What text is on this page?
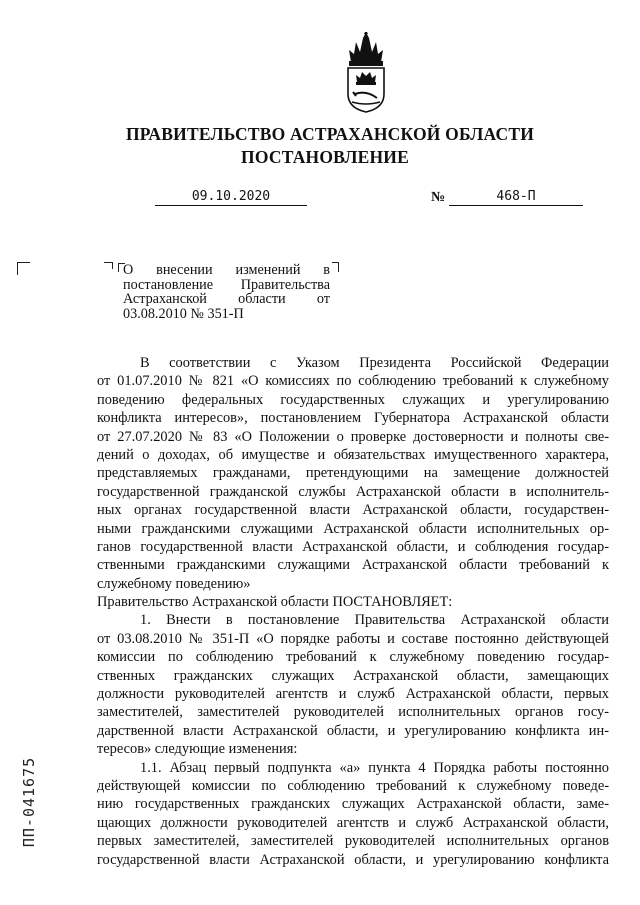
ПРАВИТЕЛЬСТВО АСТРАХАНСКОЙ ОБЛАСТИ
ПОСТАНОВЛЕНИЕ
09.10.2020	№	468-П
О внесении изменений в
постановление Правительства
Астраханской области от
03.08.2010 № 351-П
В соответствии с Указом Президента Российской Федерации
от 01.07.2010 № 821 «О комиссиях по соблюдению требований к служебному
поведению федеральных государственных служащих и урегулированию
конфликта интересов», постановлением Губернатора Астраханской области
от 27.07.2020 № 83 «О Положении о проверке достоверности и полноты све-
дений о доходах, об имуществе и обязательствах имущественного характера,
представляемых гражданами, претендующими на замещение должностей
государственной гражданской службы Астраханской области в исполнитель-
ных органах государственной власти Астраханской области, государствен-
ными гражданскими служащими Астраханской области исполнительных ор-
ганов государственной власти Астраханской области, и соблюдения государ-
ственными гражданскими служащими Астраханской области требований к
служебному поведению»
Правительство Астраханской области ПОСТАНОВЛЯЕТ:
1. Внести в постановление Правительства Астраханской области
от 03.08.2010 № 351-П «О порядке работы и составе постоянно действующей
комиссии по соблюдению требований к служебному поведению государ-
ственных гражданских служащих Астраханской области, замещающих
должности руководителей агентств и служб Астраханской области, первых
заместителей, заместителей руководителей исполнительных органов госу-
дарственной власти Астраханской области, и урегулированию конфликта ин-
тересов» следующие изменения:
1.1. Абзац первый подпункта «а» пункта 4 Порядка работы постоянно
действующей комиссии по соблюдению требований к служебному поведе-
нию государственных гражданских служащих Астраханской области, заме-
щающих должности руководителей агентств и служб Астраханской области,
первых заместителей, заместителей руководителей исполнительных органов
государственной власти Астраханской области, и урегулированию конфликта
ПП-041675
